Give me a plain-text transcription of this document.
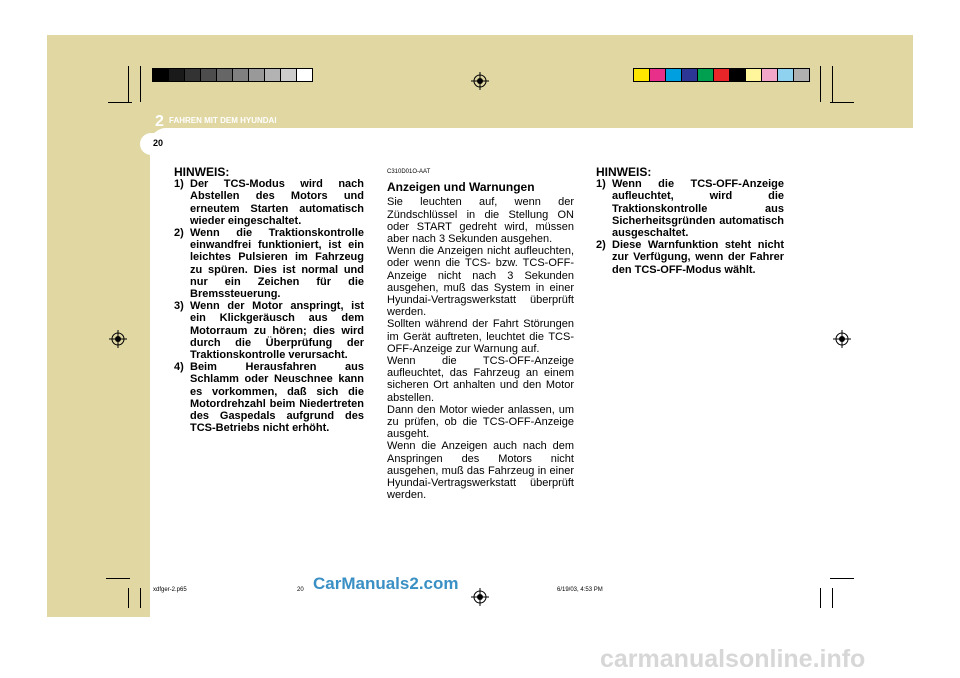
2 FAHREN MIT DEM HYUNDAI
20
HINWEIS:
1) Der TCS-Modus wird nach Abstellen des Motors und erneutem Starten automatisch wieder eingeschaltet.
2) Wenn die Traktionskontrolle einwandfrei funktioniert, ist ein leichtes Pulsieren im Fahrzeug zu spüren. Dies ist normal und nur ein Zeichen für die Bremssteuerung.
3) Wenn der Motor anspringt, ist ein Klickgeräusch aus dem Motorraum zu hören; dies wird durch die Überprüfung der Traktionskontrolle verursacht.
4) Beim Herausfahren aus Schlamm oder Neuschnee kann es vorkommen, daß sich die Motordrehzahl beim Niedertreten des Gaspedals aufgrund des TCS-Betriebs nicht erhöht.
C310D01O-AAT
Anzeigen und Warnungen

Sie leuchten auf, wenn der Zündschlüssel in die Stellung ON oder START gedreht wird, müssen aber nach 3 Sekunden ausgehen.

Wenn die Anzeigen nicht aufleuchten, oder wenn die TCS- bzw. TCS-OFF-Anzeige nicht nach 3 Sekunden ausgehen, muß das System in einer Hyundai-Vertragswerkstatt überprüft werden.

Sollten während der Fahrt Störungen im Gerät auftreten, leuchtet die TCS-OFF-Anzeige zur Warnung auf.

Wenn die TCS-OFF-Anzeige aufleuchtet, das Fahrzeug an einem sicheren Ort anhalten und den Motor abstellen.

Dann den Motor wieder anlassen, um zu prüfen, ob die TCS-OFF-Anzeige ausgeht.

Wenn die Anzeigen auch nach dem Anspringen des Motors nicht ausgehen, muß das Fahrzeug in einer Hyundai-Vertragswerkstatt überprüft werden.

HINWEIS:
1) Wenn die TCS-OFF-Anzeige aufleuchtet, wird die Traktionskontrolle aus Sicherheitsgründen automatisch ausgeschaltet.
2) Diese Warnfunktion steht nicht zur Verfügung, wenn der Fahrer den TCS-OFF-Modus wählt.
xdfger-2.p65	20	6/19/03, 4:53 PM
CarManuals2.com
carmanualsonline.info
